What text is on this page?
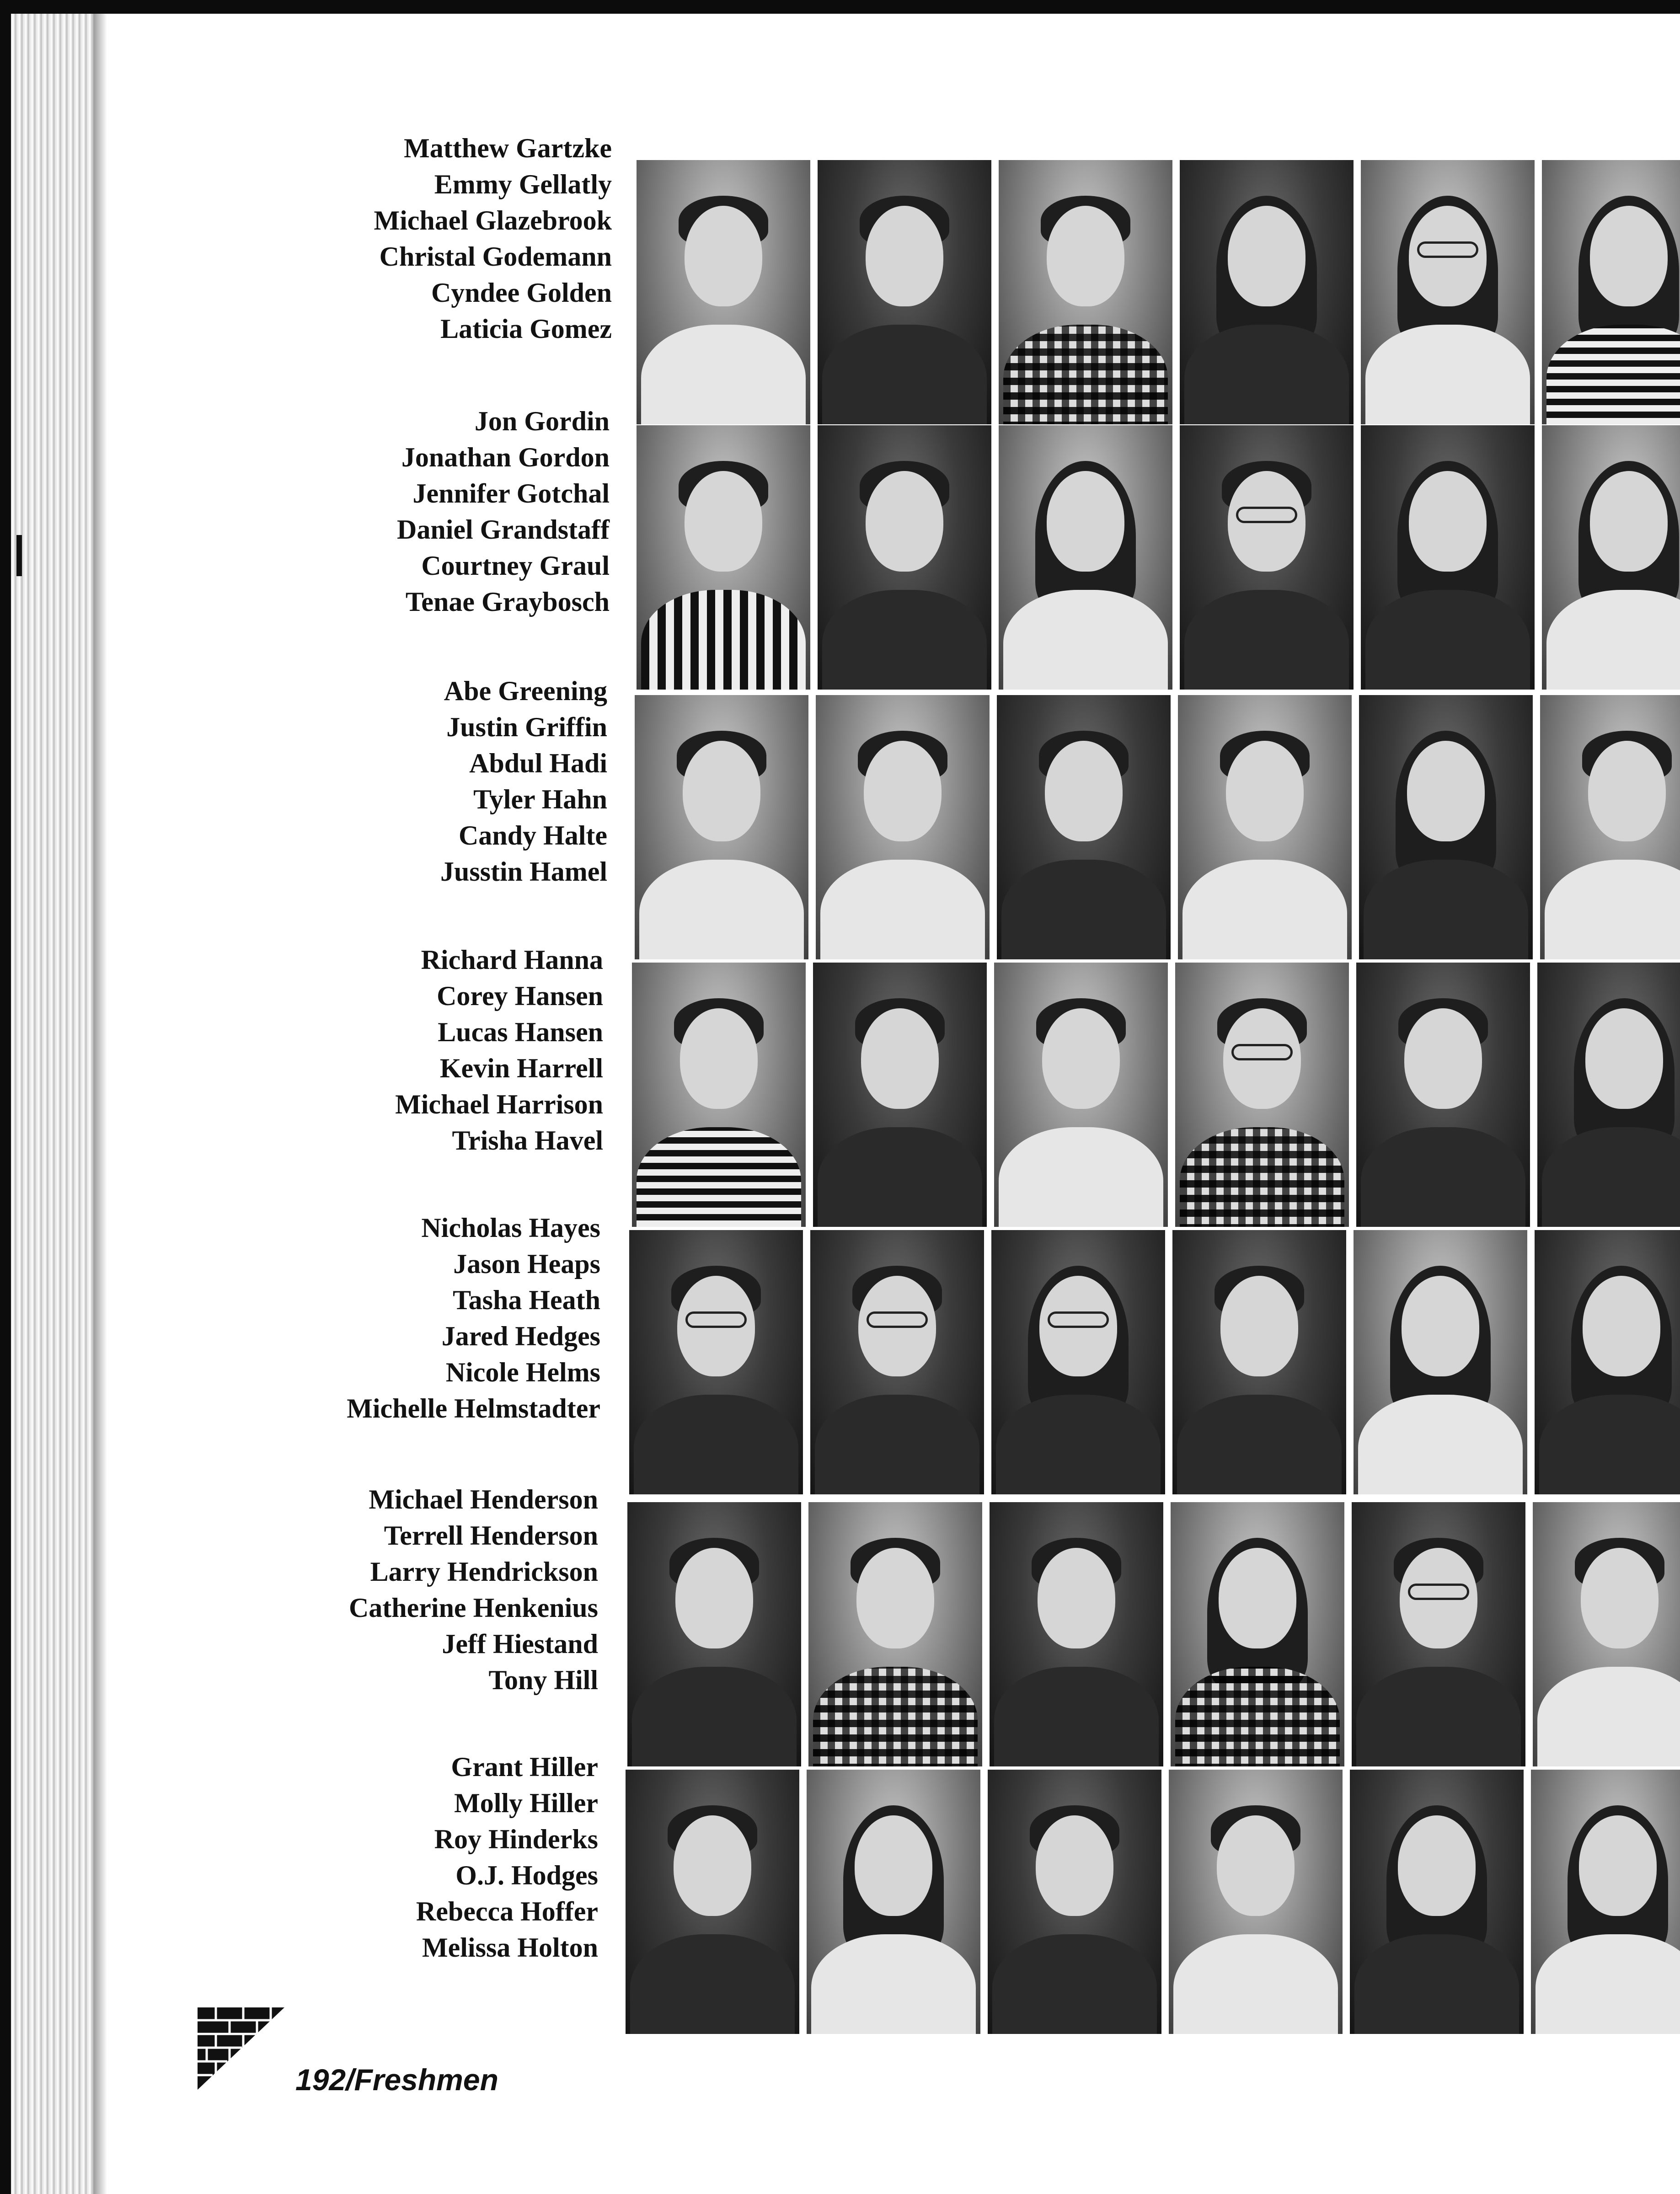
Matthew Gartzke
Emmy Gellatly
Michael Glazebrook
Christal Godemann
Cyndee Golden
Laticia Gomez
Jon Gordin
Jonathan Gordon
Jennifer Gotchal
Daniel Grandstaff
Courtney Graul
Tenae Graybosch
Abe Greening
Justin Griffin
Abdul Hadi
Tyler Hahn
Candy Halte
Jusstin Hamel
Richard Hanna
Corey Hansen
Lucas Hansen
Kevin Harrell
Michael Harrison
Trisha Havel
Nicholas Hayes
Jason Heaps
Tasha Heath
Jared Hedges
Nicole Helms
Michelle Helmstadter
Michael Henderson
Terrell Henderson
Larry Hendrickson
Catherine Henkenius
Jeff Hiestand
Tony Hill
Grant Hiller
Molly Hiller
Roy Hinderks
O.J. Hodges
Rebecca Hoffer
Melissa Holton
192/Freshmen
